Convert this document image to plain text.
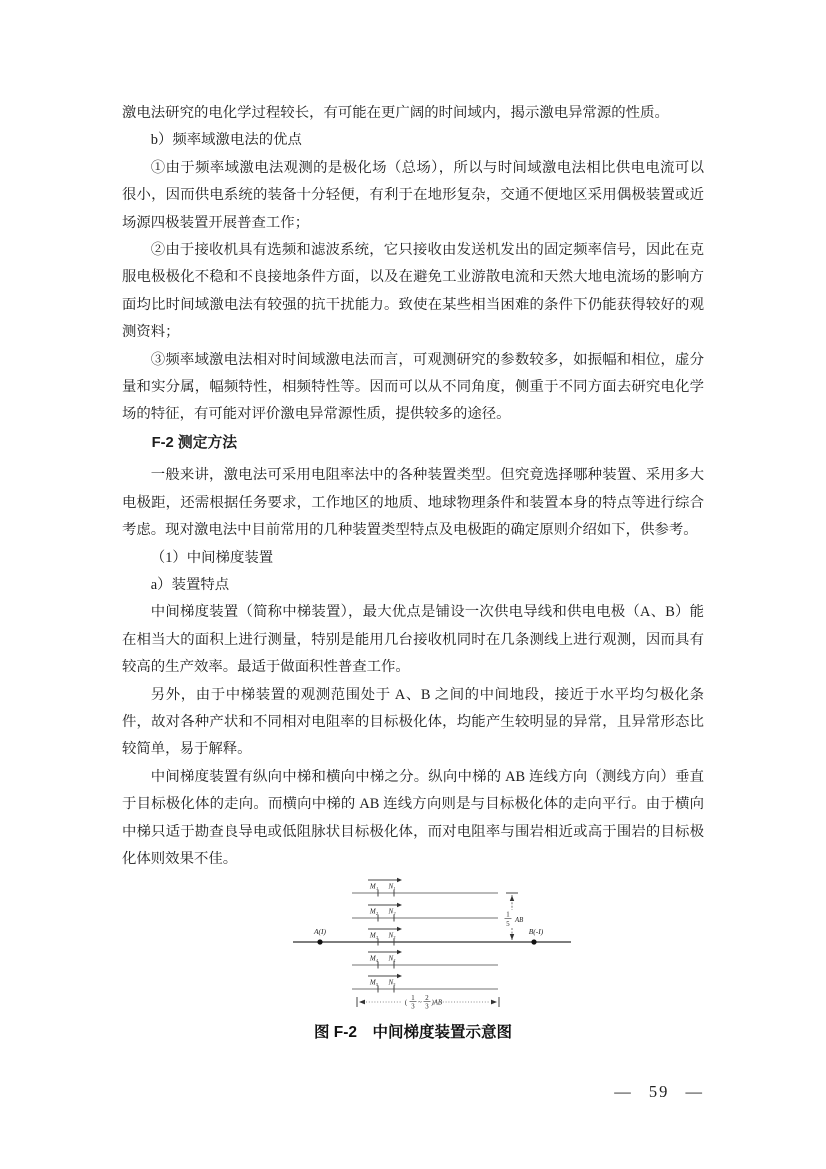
激电法研究的电化学过程较长，有可能在更广阔的时间域内，揭示激电异常源的性质。

b）频率域激电法的优点

①由于频率域激电法观测的是极化场（总场），所以与时间域激电法相比供电电流可以很小，因而供电系统的装备十分轻便，有利于在地形复杂，交通不便地区采用偶极装置或近场源四极装置开展普查工作；

②由于接收机具有选频和滤波系统，它只接收由发送机发出的固定频率信号，因此在克服电极极化不稳和不良接地条件方面，以及在避免工业游散电流和天然大地电流场的影响方面均比时间域激电法有较强的抗干扰能力。致使在某些相当困难的条件下仍能获得较好的观测资料；

③频率域激电法相对时间域激电法而言，可观测研究的参数较多，如振幅和相位，虚分量和实分属，幅频特性，相频特性等。因而可以从不同角度，侧重于不同方面去研究电化学场的特征，有可能对评价激电异常源性质，提供较多的途径。

F-2 测定方法

一般来讲，激电法可采用电阻率法中的各种装置类型。但究竟选择哪种装置、采用多大电极距，还需根据任务要求，工作地区的地质、地球物理条件和装置本身的特点等进行综合考虑。现对激电法中目前常用的几种装置类型特点及电极距的确定原则介绍如下，供参考。

（1）中间梯度装置

a）装置特点

中间梯度装置（简称中梯装置），最大优点是铺设一次供电导线和供电电极（A、B）能在相当大的面积上进行测量，特别是能用几台接收机同时在几条测线上进行观测，因而具有较高的生产效率。最适于做面积性普查工作。

另外，由于中梯装置的观测范围处于 A、B 之间的中间地段，接近于水平均匀极化条件，故对各种产状和不同相对电阻率的目标极化体，均能产生较明显的异常，且异常形态比较简单，易于解释。

中间梯度装置有纵向中梯和横向中梯之分。纵向中梯的 AB 连线方向（测线方向）垂直于目标极化体的走向。而横向中梯的 AB 连线方向则是与目标极化体的走向平行。由于横向中梯只适于勘查良导电或低阻脉状目标极化体，而对电阻率与围岩相近或高于围岩的目标极化体则效果不佳。

M₁ N₁
M₂ N₂
M₃ N₃
M₄ N₄
M₅ N₅
A(I)	B(-I)
1
5
AB
(
1
3
~
2
3
)AB
图 F-2　中间梯度装置示意图
— 59 —
